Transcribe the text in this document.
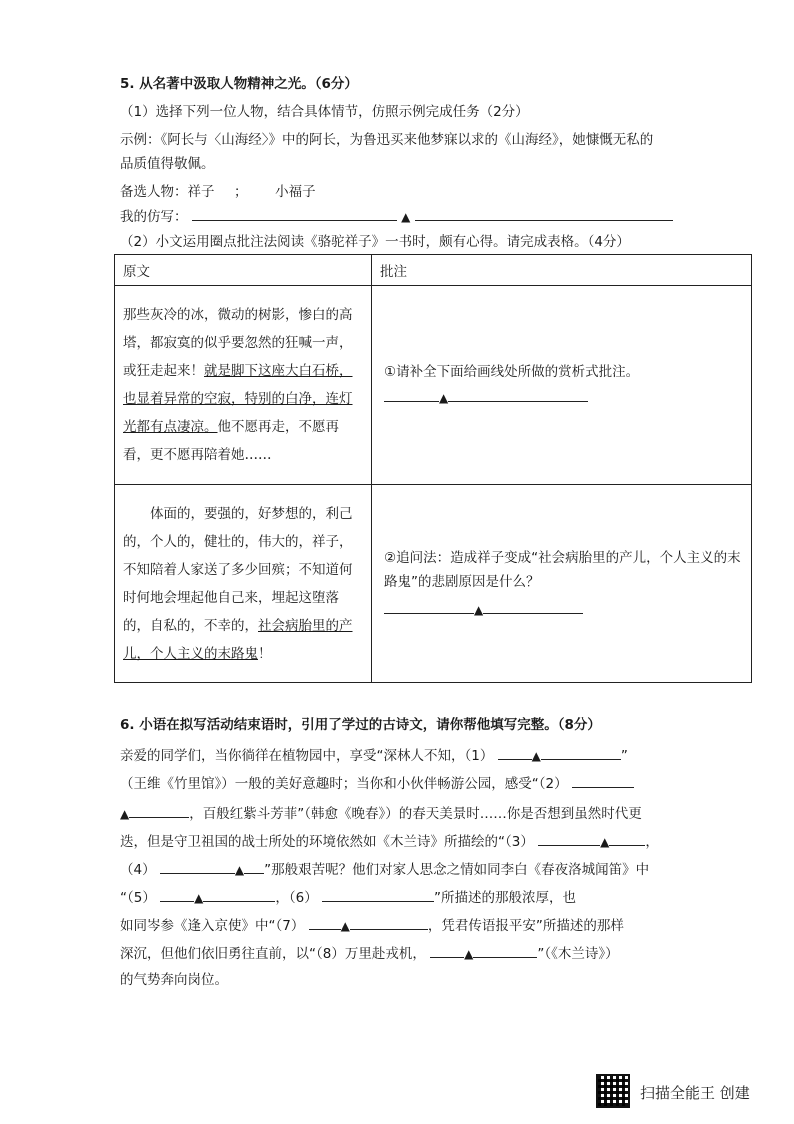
5. 从名著中汲取人物精神之光。（6分）
（1）选择下列一位人物，结合具体情节，仿照示例完成任务（2分）
示例：《阿长与〈山海经〉》中的阿长，为鲁迅买来他梦寐以求的《山海经》，她慷慨无私的
品质值得敬佩。
备选人物：祥子 ； 小福子
我的仿写：	▲
（2）小文运用圈点批注法阅读《骆驼祥子》一书时，颇有心得。请完成表格。（4分）
原文	批注

那些灰冷的冰，微动的树影，惨白的高塔，都寂寞的似乎要忽然的狂喊一声，或狂走起来！就是脚下这座大白石桥，也显着异常的空寂，特别的白净，连灯光都有点凄凉。他不愿再走，不愿再看，更不愿再陪着她……	①请补全下面给画线处所做的赏析式批注。
▲

体面的，要强的，好梦想的，利己的，个人的，健壮的，伟大的，祥子，不知陪着人家送了多少回殡；不知道何时何地会埋起他自己来，埋起这堕落的，自私的，不幸的，社会病胎里的产儿，个人主义的末路鬼！	②追问法：造成祥子变成“社会病胎里的产儿，个人主义的末路鬼”的悲剧原因是什么？
▲
6. 小语在拟写活动结束语时，引用了学过的古诗文，请你帮他填写完整。（8分）
亲爱的同学们，当你徜徉在植物园中，享受“深林人不知，（1）	▲	”
（王维《竹里馆》）一般的美好意趣时；当你和小伙伴畅游公园，感受“（2）
▲	，百般红紫斗芳菲”（韩愈《晚春》）的春天美景时……你是否想到虽然时代更
迭，但是守卫祖国的战士所处的环境依然如《木兰诗》所描绘的“（3）	▲	，
（4）	▲ ”那般艰苦呢？他们对家人思念之情如同李白《春夜洛城闻笛》中
“（5）	▲	，（6）	”所描述的那般浓厚，也
如同岑参《逢入京使》中“（7）	▲	，凭君传语报平安”所描述的那样
深沉，但他们依旧勇往直前，以“（8）万里赴戎机，	▲	”（《木兰诗》）
的气势奔向岗位。
扫描全能王 创建
